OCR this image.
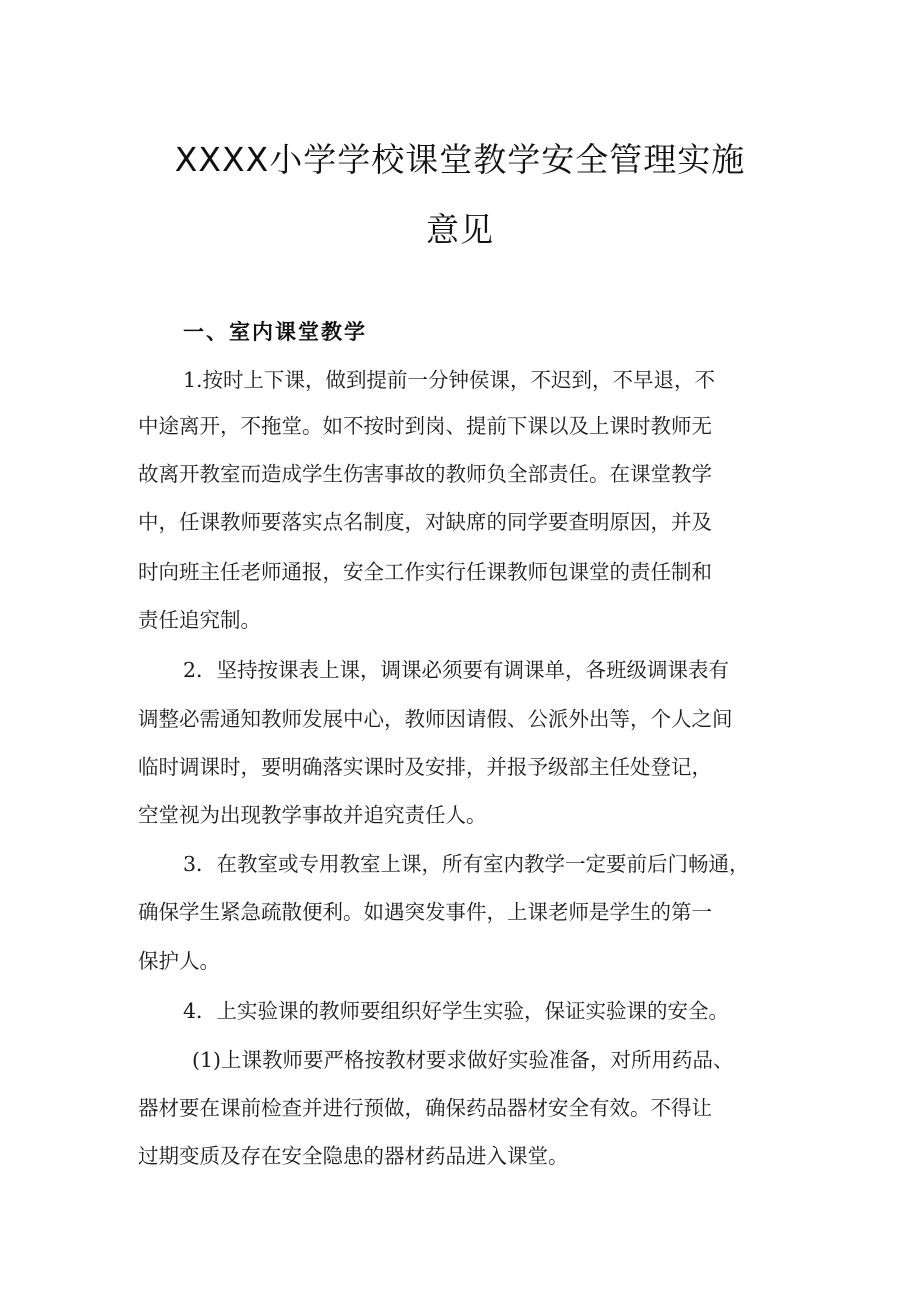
XXXX小学学校课堂教学安全管理实施
意见
一、室内课堂教学
1.按时上下课，做到提前一分钟侯课，不迟到，不早退，不
中途离开，不拖堂。如不按时到岗、提前下课以及上课时教师无
故离开教室而造成学生伤害事故的教师负全部责任。在课堂教学
中，任课教师要落实点名制度，对缺席的同学要查明原因，并及
时向班主任老师通报，安全工作实行任课教师包课堂的责任制和
责任追究制。
2．坚持按课表上课，调课必须要有调课单，各班级调课表有
调整必需通知教师发展中心，教师因请假、公派外出等，个人之间
临时调课时，要明确落实课时及安排，并报予级部主任处登记，
空堂视为出现教学事故并追究责任人。
3．在教室或专用教室上课，所有室内教学一定要前后门畅通，
确保学生紧急疏散便利。如遇突发事件，上课老师是学生的第一
保护人。
4．上实验课的教师要组织好学生实验，保证实验课的安全。
(1)上课教师要严格按教材要求做好实验准备，对所用药品、
器材要在课前检查并进行预做，确保药品器材安全有效。不得让
过期变质及存在安全隐患的器材药品进入课堂。
